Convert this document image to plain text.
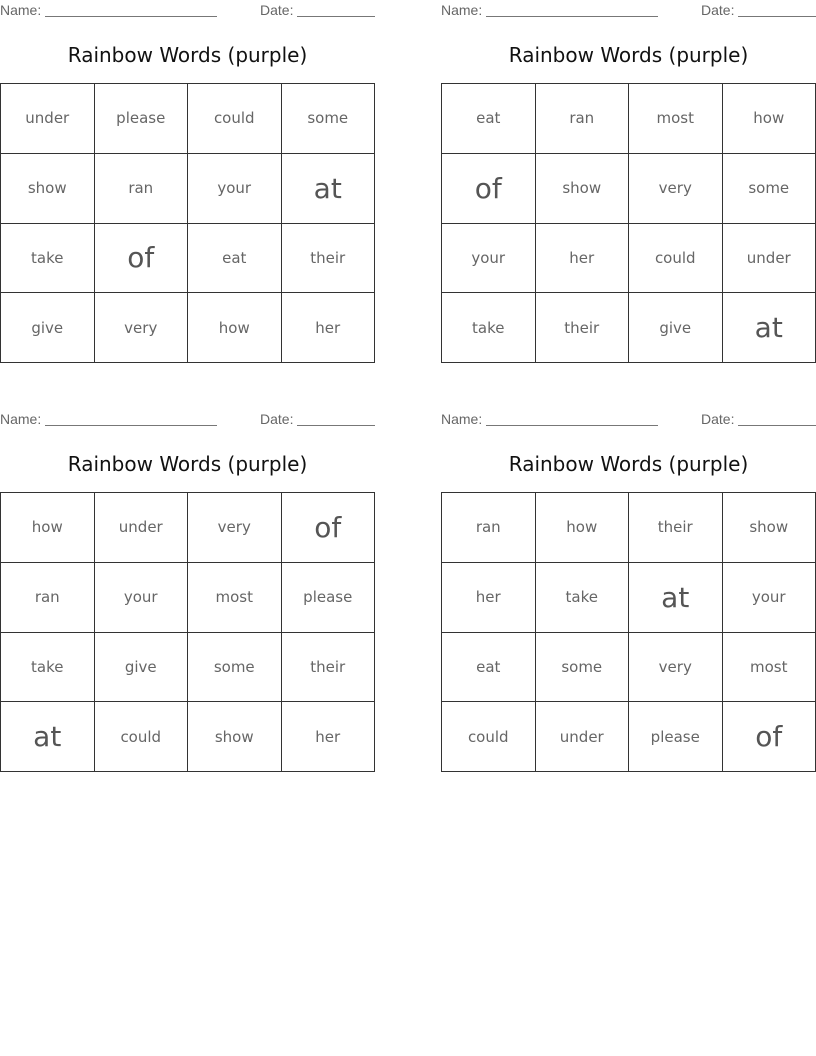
Name:	Date:
Rainbow Words (purple)
under	please	could	some
show	ran	your	at
take	of	eat	their
give	very	how	her
Name:	Date:
Rainbow Words (purple)
eat	ran	most	how
of	show	very	some
your	her	could	under
take	their	give	at
Name:	Date:
Rainbow Words (purple)
how	under	very	of
ran	your	most	please
take	give	some	their
at	could	show	her
Name:	Date:
Rainbow Words (purple)
ran	how	their	show
her	take	at	your
eat	some	very	most
could	under	please	of
